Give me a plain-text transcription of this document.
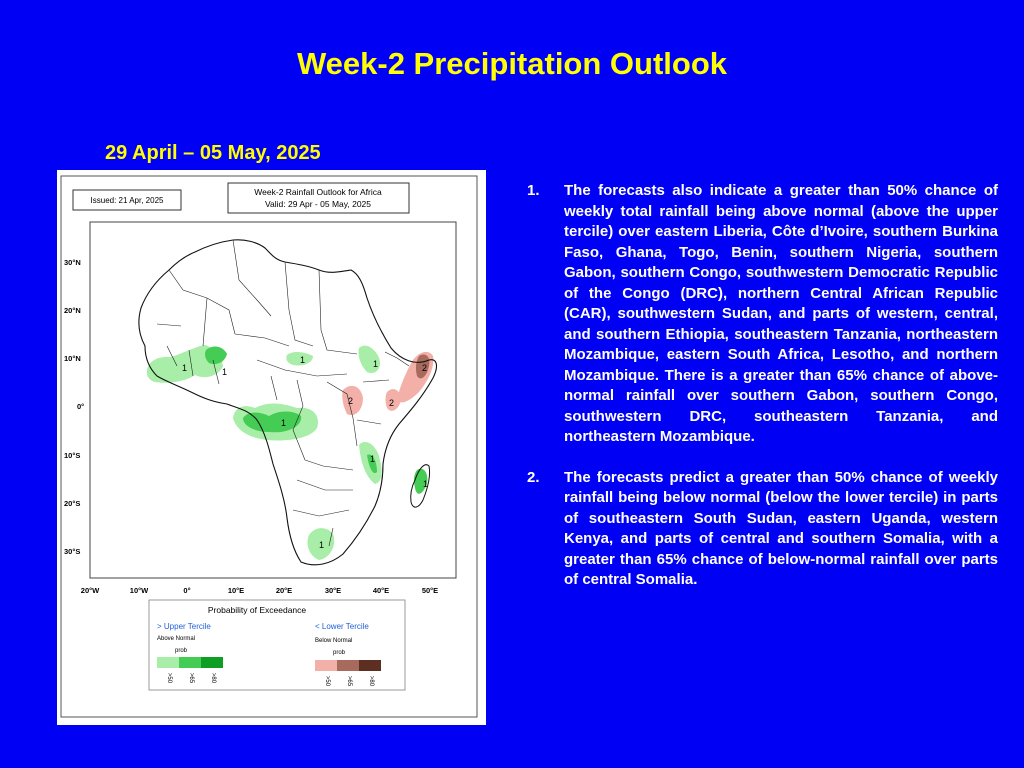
Week-2 Precipitation Outlook
29 April – 05 May, 2025
Issued: 21 Apr, 2025
Week-2 Rainfall Outlook for Africa
Valid: 29 Apr - 05 May, 2025
30°N
20°N
10°N
0°
10°S
20°S
30°S
20°W	10°W	0°	10°E	20°E	30°E	40°E	50°E
1	1
1	1
1
1
1
1
2
2	2
Probability of Exceedance
> Upper Tercile
Above Normal
prob
>50	>65	>80
< Lower Tercile
Below Normal
prob
>50	>65	>80
1.	The forecasts also indicate a greater than 50% chance of weekly total rainfall being above normal (above the upper tercile) over eastern Liberia, Côte d’Ivoire, southern Burkina Faso, Ghana, Togo, Benin, southern Nigeria, southern Gabon, southern Congo, southwestern Democratic Republic of the Congo (DRC), northern Central African Republic (CAR), southwestern Sudan, and parts of western, central, and southern Ethiopia, southeastern Tanzania, northeastern Mozambique, eastern South Africa, Lesotho, and northern Mozambique. There is a greater than 65% chance of above-normal rainfall over southern Gabon, southern Congo, southwestern DRC, southeastern Tanzania, and northeastern Mozambique.
2.	The forecasts predict a greater than 50% chance of weekly rainfall being below normal (below the lower tercile) in parts of southeastern South Sudan, eastern Uganda, western Kenya, and parts of central and southern Somalia, with a greater than 65% chance of below-normal rainfall over parts of central Somalia.
